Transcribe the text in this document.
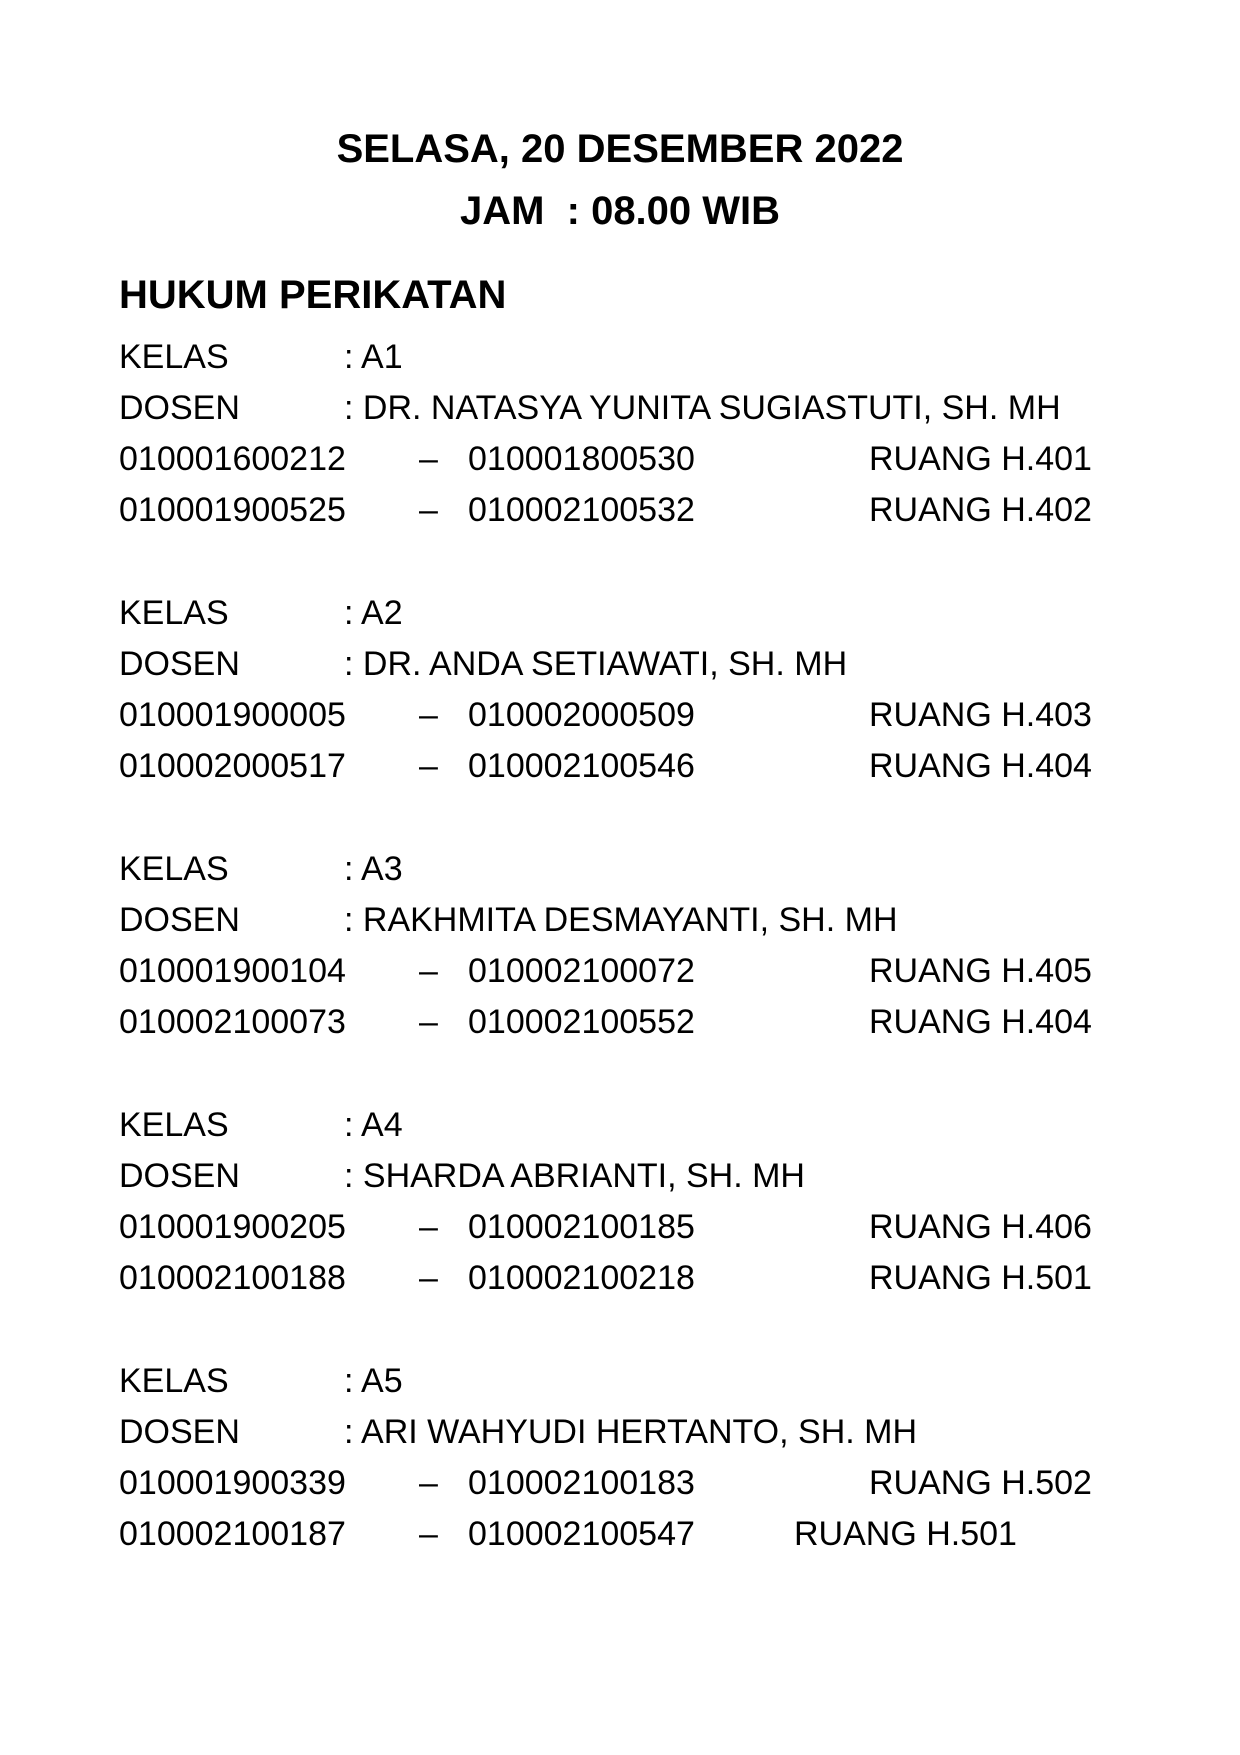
SELASA, 20 DESEMBER 2022
JAM  : 08.00 WIB
HUKUM PERIKATAN
KELAS	: A1
DOSEN	: DR. NATASYA YUNITA SUGIASTUTI, SH. MH
010001600212 – 010001800530	RUANG H.401
010001900525 – 010002100532	RUANG H.402
KELAS	: A2
DOSEN	: DR. ANDA SETIAWATI, SH. MH
010001900005 – 010002000509	RUANG H.403
010002000517 – 010002100546	RUANG H.404
KELAS	: A3
DOSEN	: RAKHMITA DESMAYANTI, SH. MH
010001900104 – 010002100072	RUANG H.405
010002100073 – 010002100552	RUANG H.404
KELAS	: A4
DOSEN	: SHARDA ABRIANTI, SH. MH
010001900205 – 010002100185	RUANG H.406
010002100188 – 010002100218	RUANG H.501
KELAS	: A5
DOSEN	: ARI WAHYUDI HERTANTO, SH. MH
010001900339 – 010002100183	RUANG H.502
010002100187 – 010002100547	RUANG H.501
